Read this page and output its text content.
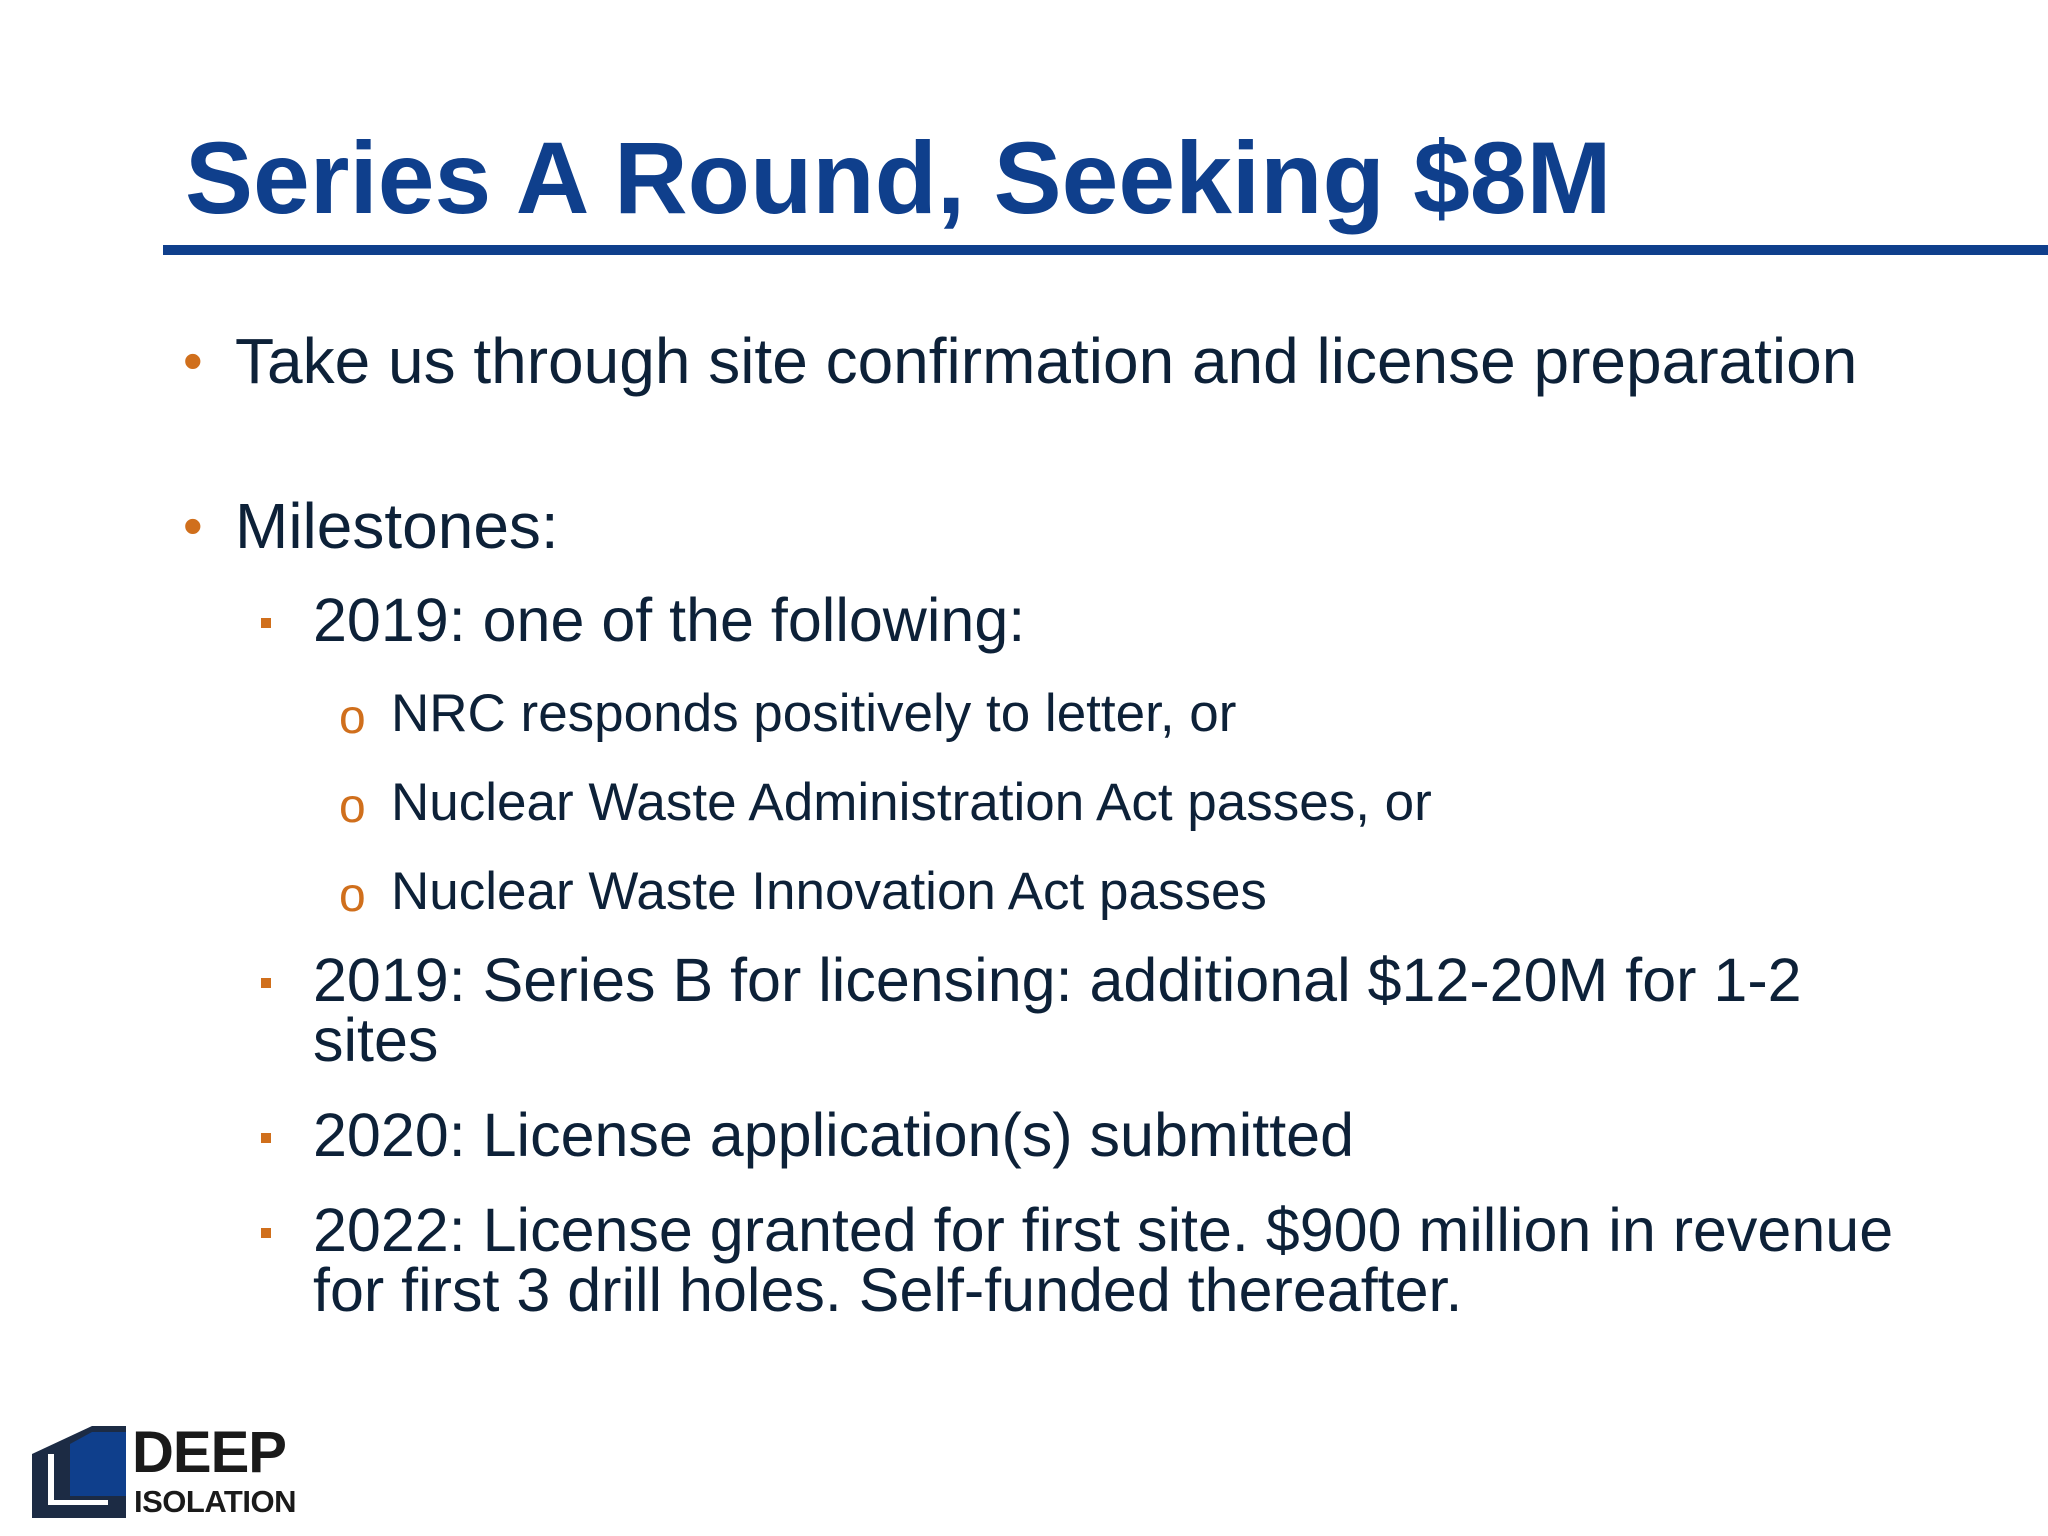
Series A Round, Seeking $8M
• Take us through site confirmation and license preparation
• Milestones:
2019: one of the following:
o NRC responds positively to letter, or
o Nuclear Waste Administration Act passes, or
o Nuclear Waste Innovation Act passes
2019: Series B for licensing: additional $12-20M for 1-2 sites
2020: License application(s) submitted
2022: License granted for first site. $900 million in revenue for first 3 drill holes. Self-funded thereafter.
DEEP
ISOLATION
